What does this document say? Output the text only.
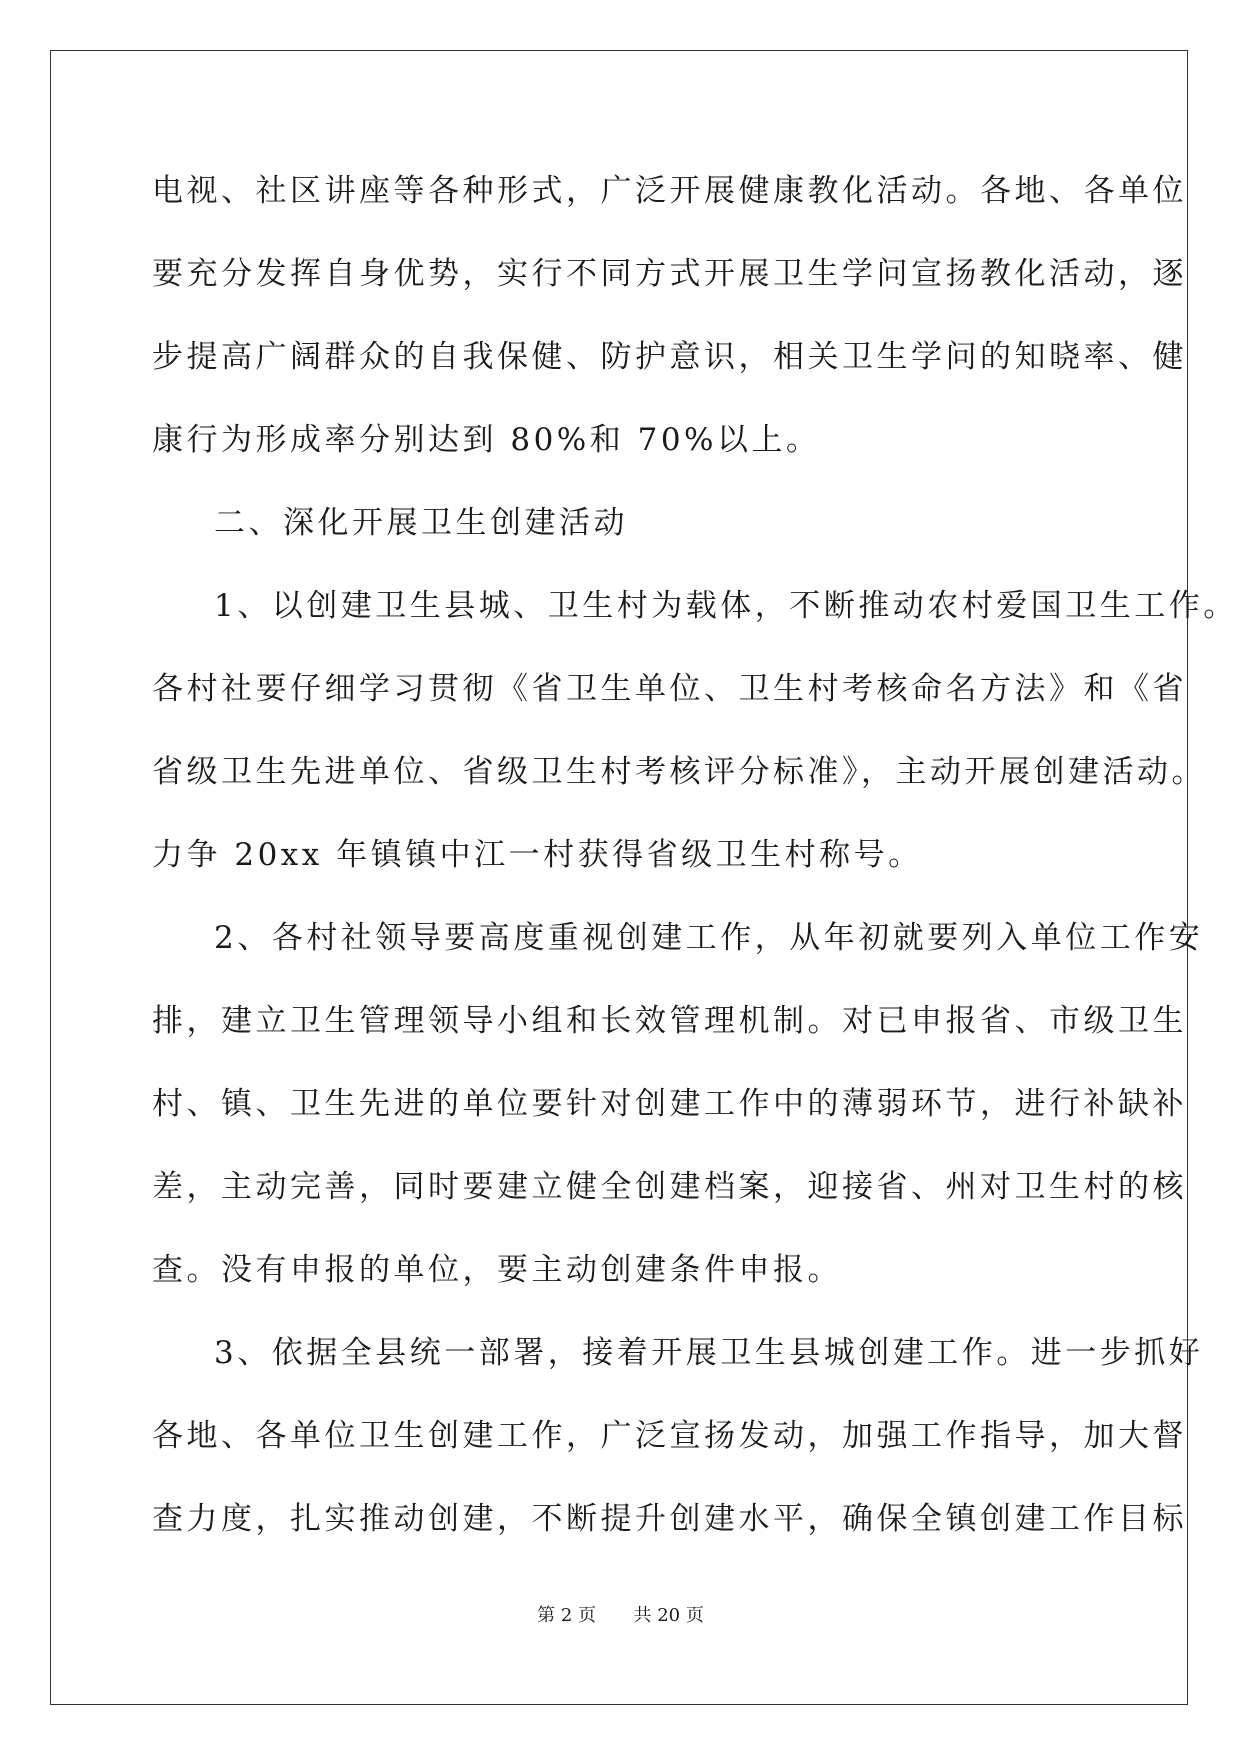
电视、社区讲座等各种形式，广泛开展健康教化活动。各地、各单位
要充分发挥自身优势，实行不同方式开展卫生学问宣扬教化活动，逐
步提高广阔群众的自我保健、防护意识，相关卫生学问的知晓率、健
康行为形成率分别达到 80%和 70%以上。
二、深化开展卫生创建活动
1、以创建卫生县城、卫生村为载体，不断推动农村爱国卫生工作。
各村社要仔细学习贯彻《省卫生单位、卫生村考核命名方法》和《省
省级卫生先进单位、省级卫生村考核评分标准》，主动开展创建活动。
力争 20xx 年镇镇中江一村获得省级卫生村称号。
2、各村社领导要高度重视创建工作，从年初就要列入单位工作安
排，建立卫生管理领导小组和长效管理机制。对已申报省、市级卫生
村、镇、卫生先进的单位要针对创建工作中的薄弱环节，进行补缺补
差，主动完善，同时要建立健全创建档案，迎接省、州对卫生村的核
查。没有申报的单位，要主动创建条件申报。
3、依据全县统一部署，接着开展卫生县城创建工作。进一步抓好
各地、各单位卫生创建工作，广泛宣扬发动，加强工作指导，加大督
查力度，扎实推动创建，不断提升创建水平，确保全镇创建工作目标
第 2 页 共 20 页
